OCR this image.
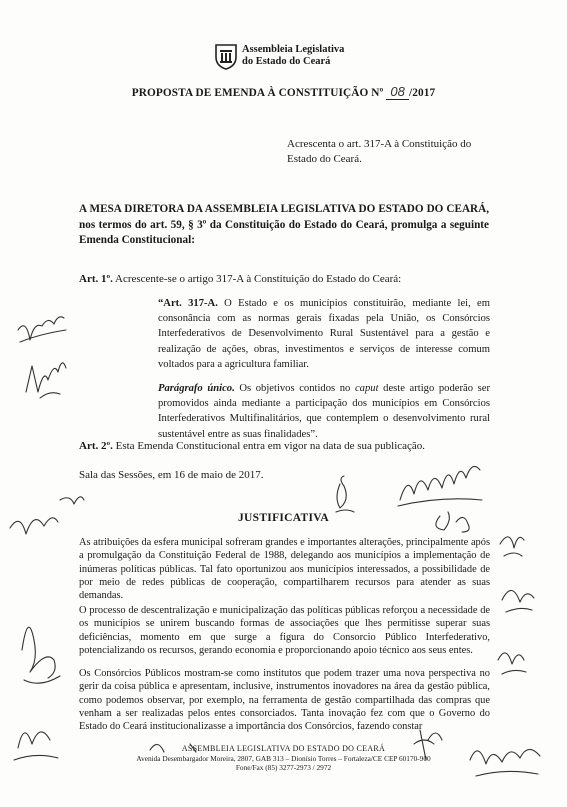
Assembleia Legislativa
do Estado do Ceará
PROPOSTA DE EMENDA À CONSTITUIÇÃO Nº 08 /2017
Acrescenta o art. 317-A à Constituição do
Estado do Ceará.
A MESA DIRETORA DA ASSEMBLEIA LEGISLATIVA DO ESTADO DO CEARÁ, nos termos do art. 59, § 3º da Constituição do Estado do Ceará, promulga a seguinte Emenda Constitucional:
Art. 1º. Acrescente-se o artigo 317-A à Constituição do Estado do Ceará:

“Art. 317-A. O Estado e os municípios constituirão, mediante lei, em consonância com as normas gerais fixadas pela União, os Consórcios Interfederativos de Desenvolvimento Rural Sustentável para a gestão e realização de ações, obras, investimentos e serviços de interesse comum voltados para a agricultura familiar.

Parágrafo único. Os objetivos contidos no caput deste artigo poderão ser promovidos ainda mediante a participação dos municípios em Consórcios Interfederativos Multifinalitários, que contemplem o desenvolvimento rural sustentável entre as suas finalidades”.

Art. 2º. Esta Emenda Constitucional entra em vigor na data de sua publicação.
Sala das Sessões, em 16 de maio de 2017.
JUSTIFICATIVA
As atribuições da esfera municipal sofreram grandes e importantes alterações, principalmente após a promulgação da Constituição Federal de 1988, delegando aos municípios a implementação de inúmeras políticas públicas. Tal fato oportunizou aos municípios interessados, a possibilidade de por meio de redes públicas de cooperação, compartilharem recursos para atender as suas demandas.
O processo de descentralização e municipalização das políticas públicas reforçou a necessidade de os municípios se unirem buscando formas de associações que lhes permitisse superar suas deficiências, momento em que surge a figura do Consorcio Público Interfederativo, potencializando os recursos, gerando economia e proporcionando apoio técnico aos seus entes.
Os Consórcios Públicos mostram-se como institutos que podem trazer uma nova perspectiva no gerir da coisa pública e apresentam, inclusive, instrumentos inovadores na área da gestão pública, como podemos observar, por exemplo, na ferramenta de gestão compartilhada das compras que venham a ser realizadas pelos entes consorciados. Tanta inovação fez com que o Governo do Estado do Ceará institucionalizasse a importância dos Consórcios, fazendo constar
ASSEMBLEIA LEGISLATIVA DO ESTADO DO CEARÁ
Avenida Desembargador Moreira, 2807, GAB 313 – Dionísio Torres – Fortaleza/CE CEP 60170-900
Fone/Fax (85) 3277-2973 / 2972
